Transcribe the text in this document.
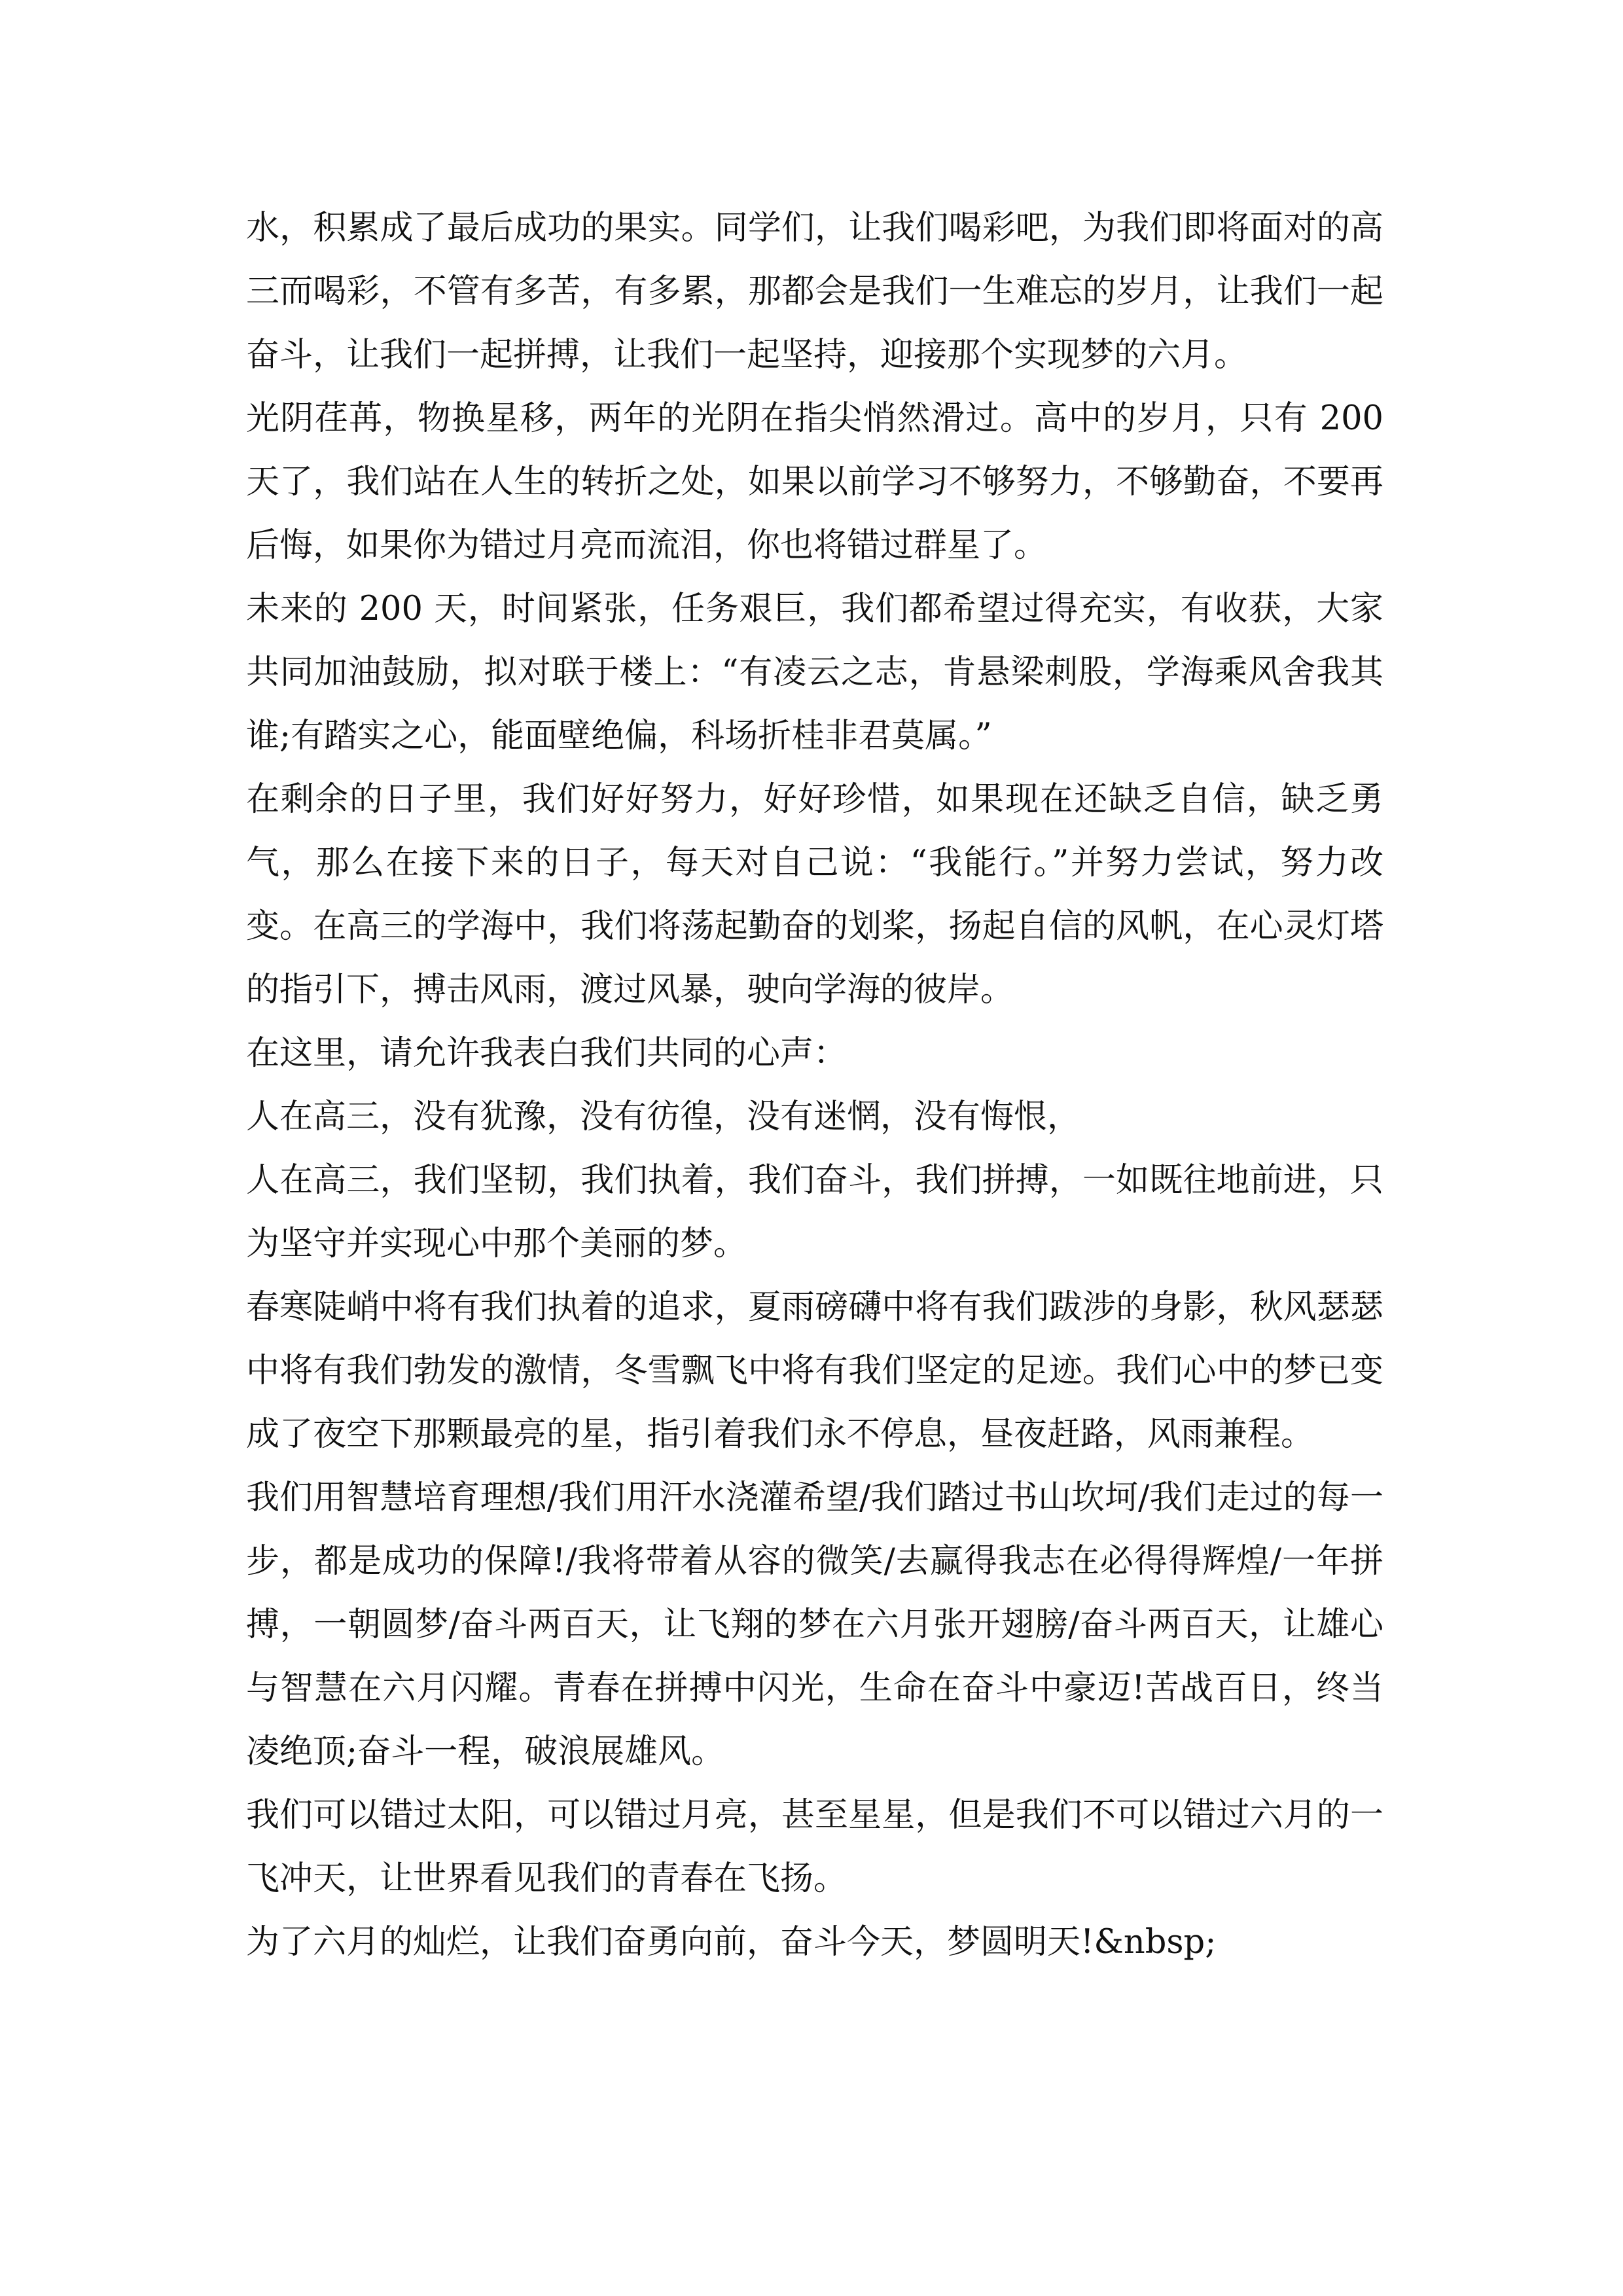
水，积累成了最后成功的果实。同学们，让我们喝彩吧，为我们即将面对的高三而喝彩，不管有多苦，有多累，那都会是我们一生难忘的岁月，让我们一起奋斗，让我们一起拼搏，让我们一起坚持，迎接那个实现梦的六月。

光阴荏苒，物换星移，两年的光阴在指尖悄然滑过。高中的岁月，只有 200 天了，我们站在人生的转折之处，如果以前学习不够努力，不够勤奋，不要再后悔，如果你为错过月亮而流泪，你也将错过群星了。

未来的 200 天，时间紧张，任务艰巨，我们都希望过得充实，有收获，大家共同加油鼓励，拟对联于楼上：“有凌云之志，肯悬梁刺股，学海乘风舍我其谁;有踏实之心，能面壁绝偏，科场折桂非君莫属。”

在剩余的日子里，我们好好努力，好好珍惜，如果现在还缺乏自信，缺乏勇气，那么在接下来的日子，每天对自己说：“我能行。”并努力尝试，努力改变。在高三的学海中，我们将荡起勤奋的划桨，扬起自信的风帆，在心灵灯塔的指引下，搏击风雨，渡过风暴，驶向学海的彼岸。

在这里，请允许我表白我们共同的心声：

人在高三，没有犹豫，没有彷徨，没有迷惘，没有悔恨，

人在高三，我们坚韧，我们执着，我们奋斗，我们拼搏，一如既往地前进，只为坚守并实现心中那个美丽的梦。

春寒陡峭中将有我们执着的追求，夏雨磅礴中将有我们跋涉的身影，秋风瑟瑟中将有我们勃发的激情，冬雪飘飞中将有我们坚定的足迹。我们心中的梦已变成了夜空下那颗最亮的星，指引着我们永不停息，昼夜赶路，风雨兼程。

我们用智慧培育理想/我们用汗水浇灌希望/我们踏过书山坎坷/我们走过的每一步，都是成功的保障!/我将带着从容的微笑/去赢得我志在必得得辉煌/一年拼搏，一朝圆梦/奋斗两百天，让飞翔的梦在六月张开翅膀/奋斗两百天，让雄心与智慧在六月闪耀。青春在拼搏中闪光，生命在奋斗中豪迈!苦战百日，终当凌绝顶;奋斗一程，破浪展雄风。

我们可以错过太阳，可以错过月亮，甚至星星，但是我们不可以错过六月的一飞冲天，让世界看见我们的青春在飞扬。

为了六月的灿烂，让我们奋勇向前，奋斗今天，梦圆明天!&nbsp;
